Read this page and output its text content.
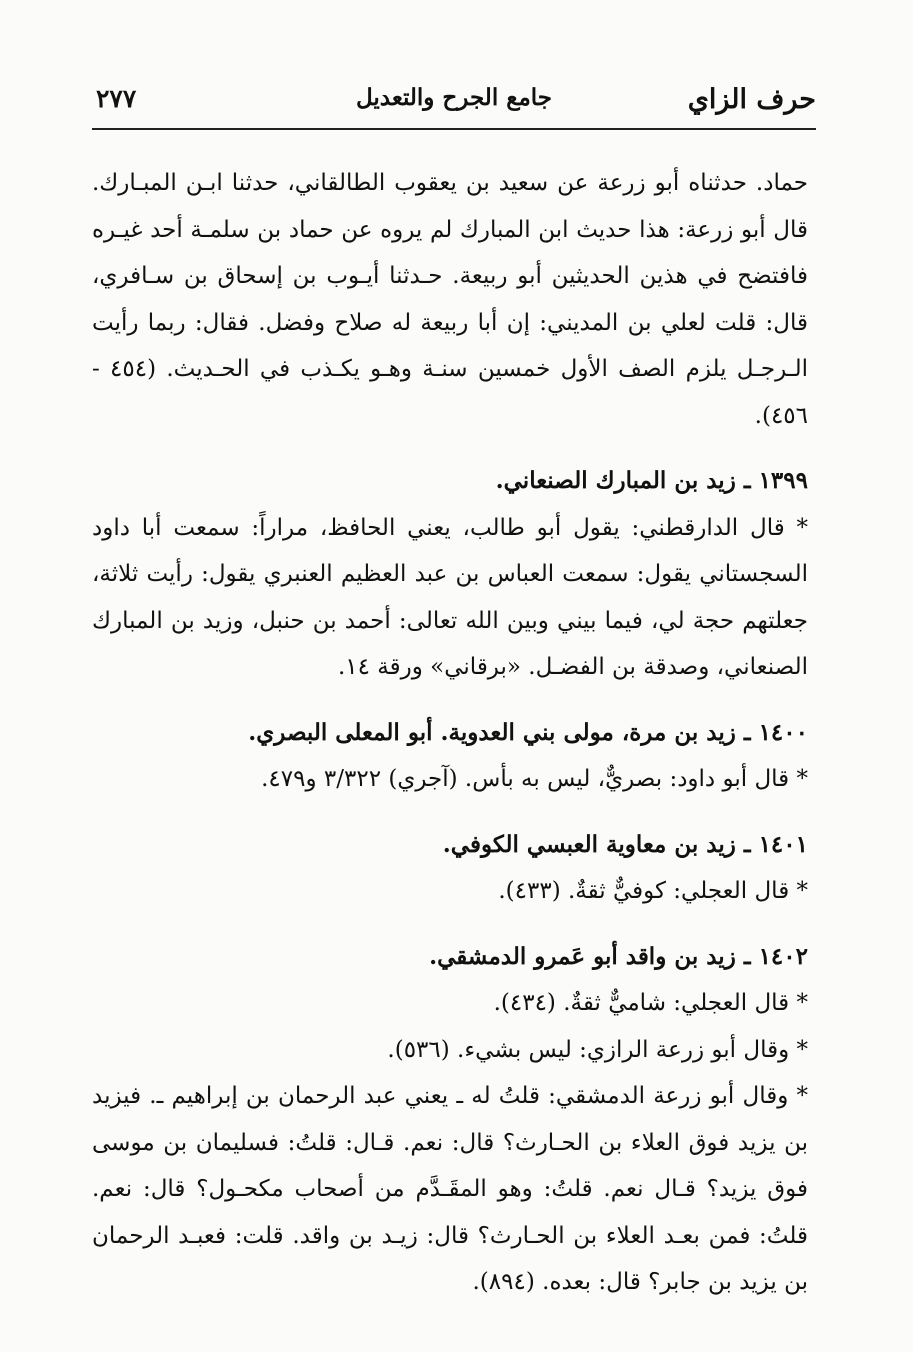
حرف الزاي
جامع الجرح والتعديل
٢٧٧

حماد. حدثناه أبو زرعة عن سعيد بن يعقوب الطالقاني، حدثنا ابـن المبـارك. قال أبو زرعة: هذا حديث ابن المبارك لم يروه عن حماد بن سلمـة أحد غيـره فافتضح في هذين الحديثين أبو ربيعة. حـدثنا أيـوب بن إسحاق بن سـافري، قال: قلت لعلي بن المديني: إن أبا ربيعة له صلاح وفضل. فقال: ربما رأيت الـرجـل يلزم الصف الأول خمسين سنـة وهـو يكـذب في الحـديث. (٤٥٤ - ٤٥٦).

١٣٩٩ ـ زيد بن المبارك الصنعاني.

* قال الدارقطني: يقول أبو طالب، يعني الحافظ، مراراً: سمعت أبا داود السجستاني يقول: سمعت العباس بن عبد العظيم العنبري يقول: رأيت ثلاثة، جعلتهم حجة لي، فيما بيني وبين الله تعالى: أحمد بن حنبل، وزيد بن المبارك الصنعاني، وصدقة بن الفضـل. «برقاني» ورقة ١٤.

١٤٠٠ ـ زيد بن مرة، مولى بني العدوية. أبو المعلى البصري.

* قال أبو داود: بصريٌّ، ليس به بأس. (آجري) ٣/٣٢٢ و٤٧٩.

١٤٠١ ـ زيد بن معاوية العبسي الكوفي.

* قال العجلي: كوفيٌّ ثقةٌ. (٤٣٣).

١٤٠٢ ـ زيد بن واقد أبو عَمرو الدمشقي.

* قال العجلي: شاميٌّ ثقةٌ. (٤٣٤).

* وقال أبو زرعة الرازي: ليس بشيء. (٥٣٦).

* وقال أبو زرعة الدمشقي: قلتُ له ـ يعني عبد الرحمان بن إبراهيم ـ. فيزيد بن يزيد فوق العلاء بن الحـارث؟ قال: نعم. قـال: قلتُ: فسليمان بن موسى فوق يزيد؟ قـال نعم. قلتُ: وهو المقَـدَّم من أصحاب مكحـول؟ قال: نعم. قلتُ: فمن بعـد العلاء بن الحـارث؟ قال: زيـد بن واقد. قلت: فعبـد الرحمان بن يزيد بن جابر؟ قال: بعده. (٨٩٤).
